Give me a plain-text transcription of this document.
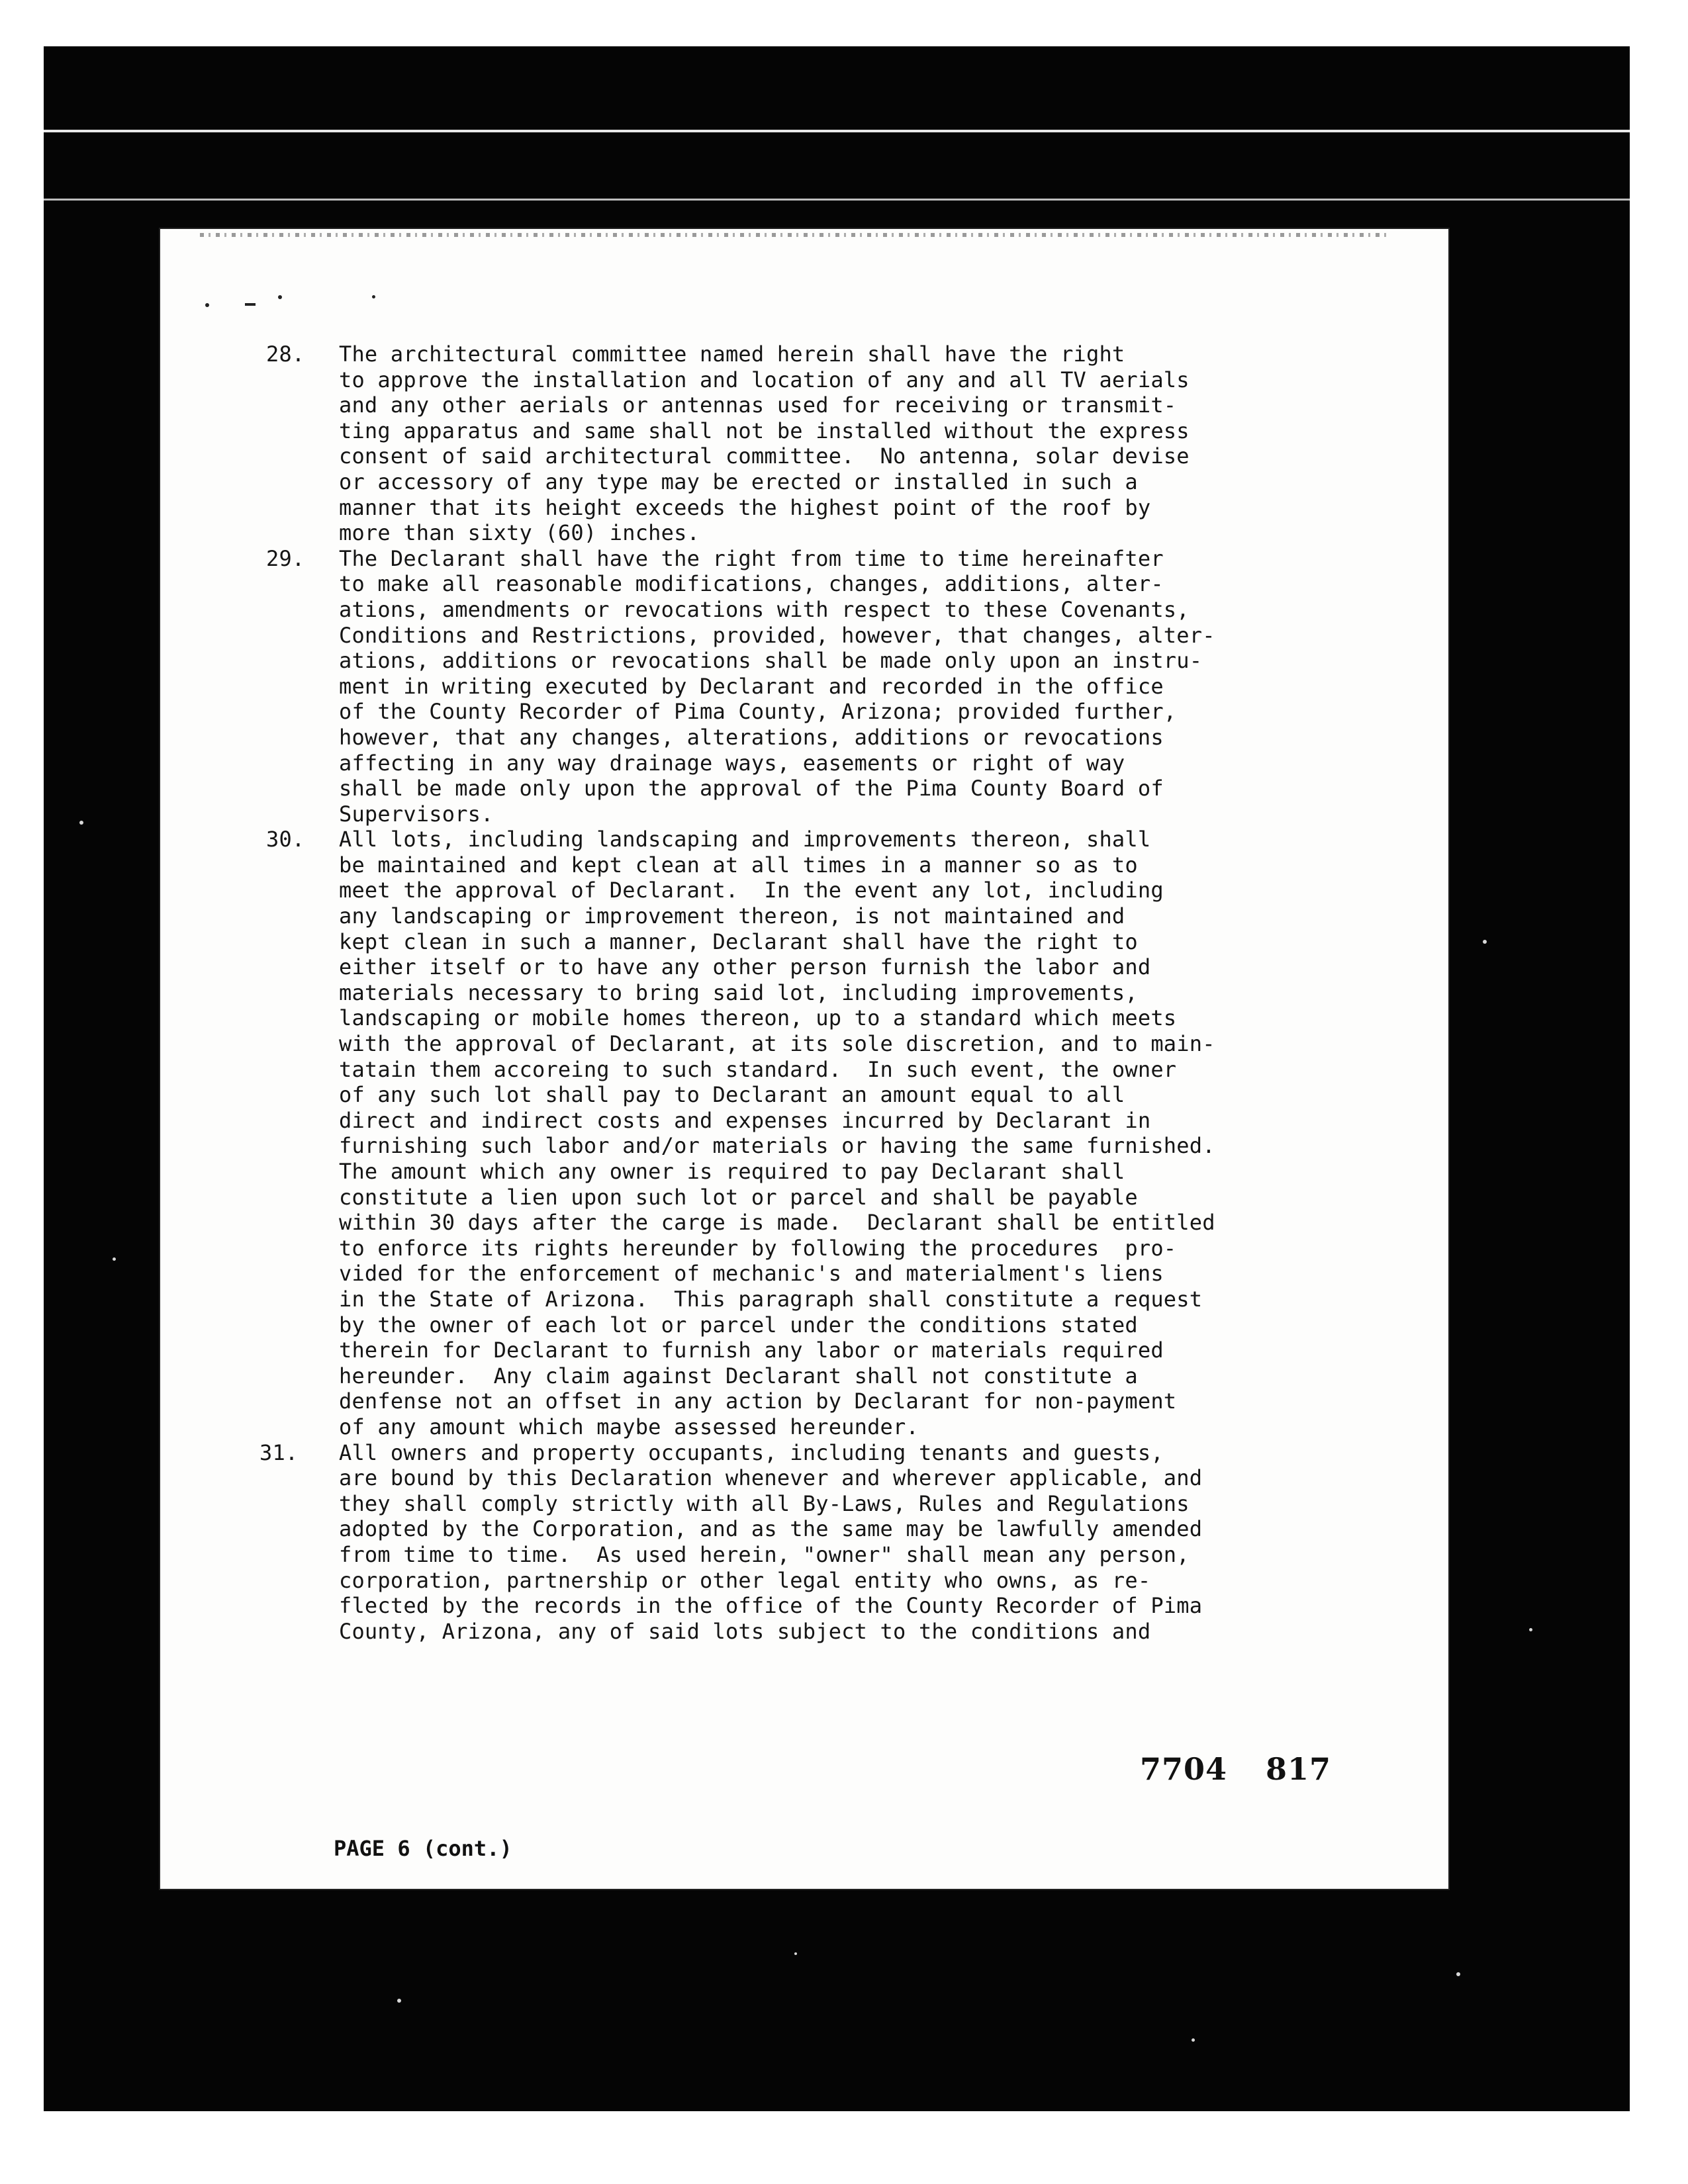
28.	The architectural committee named herein shall have the right
to approve the installation and location of any and all TV aerials
and any other aerials or antennas used for receiving or transmit-
ting apparatus and same shall not be installed without the express
consent of said architectural committee.  No antenna, solar devise
or accessory of any type may be erected or installed in such a
manner that its height exceeds the highest point of the roof by
more than sixty (60) inches.
29.	The Declarant shall have the right from time to time hereinafter
to make all reasonable modifications, changes, additions, alter-
ations, amendments or revocations with respect to these Covenants,
Conditions and Restrictions, provided, however, that changes, alter-
ations, additions or revocations shall be made only upon an instru-
ment in writing executed by Declarant and recorded in the office
of the County Recorder of Pima County, Arizona; provided further,
however, that any changes, alterations, additions or revocations
affecting in any way drainage ways, easements or right of way
shall be made only upon the approval of the Pima County Board of
Supervisors.
30.	All lots, including landscaping and improvements thereon, shall
be maintained and kept clean at all times in a manner so as to
meet the approval of Declarant.  In the event any lot, including
any landscaping or improvement thereon, is not maintained and
kept clean in such a manner, Declarant shall have the right to
either itself or to have any other person furnish the labor and
materials necessary to bring said lot, including improvements,
landscaping or mobile homes thereon, up to a standard which meets
with the approval of Declarant, at its sole discretion, and to main-
tatain them accoreing to such standard.  In such event, the owner
of any such lot shall pay to Declarant an amount equal to all
direct and indirect costs and expenses incurred by Declarant in
furnishing such labor and/or materials or having the same furnished.
The amount which any owner is required to pay Declarant shall
constitute a lien upon such lot or parcel and shall be payable
within 30 days after the carge is made.  Declarant shall be entitled
to enforce its rights hereunder by following the procedures  pro-
vided for the enforcement of mechanic's and materialment's liens
in the State of Arizona.  This paragraph shall constitute a request
by the owner of each lot or parcel under the conditions stated
therein for Declarant to furnish any labor or materials required
hereunder.  Any claim against Declarant shall not constitute a
denfense not an offset in any action by Declarant for non-payment
of any amount which maybe assessed hereunder.
31.	All owners and property occupants, including tenants and guests,
are bound by this Declaration whenever and wherever applicable, and
they shall comply strictly with all By-Laws, Rules and Regulations
adopted by the Corporation, and as the same may be lawfully amended
from time to time.  As used herein, "owner" shall mean any person,
corporation, partnership or other legal entity who owns, as re-
flected by the records in the office of the County Recorder of Pima
County, Arizona, any of said lots subject to the conditions and
7704 817
PAGE 6 (cont.)
